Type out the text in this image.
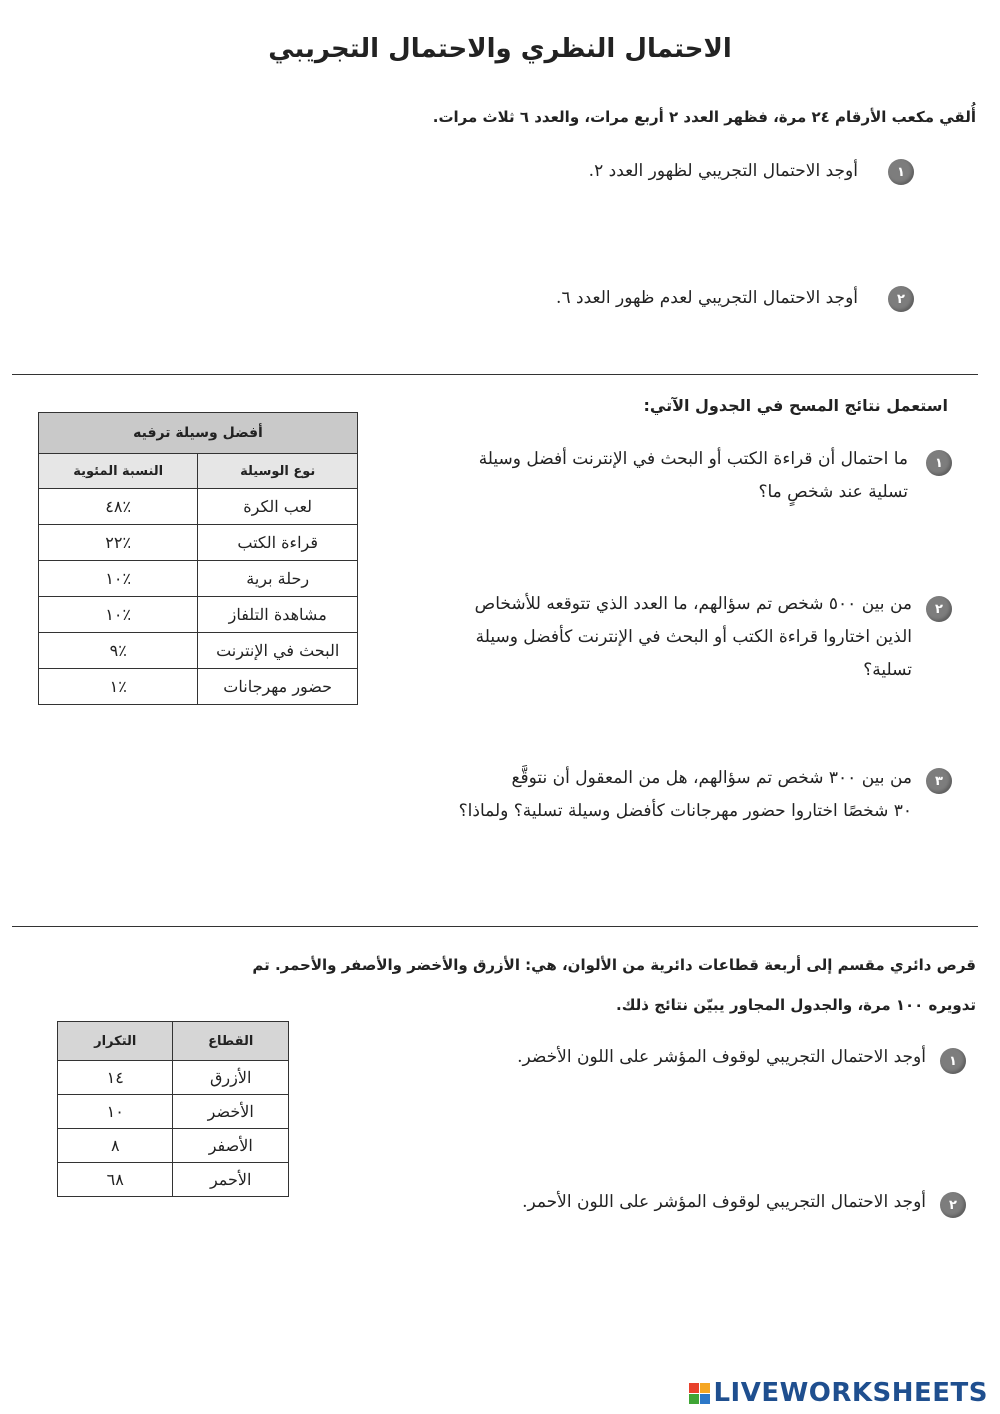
الاحتمال النظري والاحتمال التجريبي
أُلقي مكعب الأرقام ٢٤ مرة، فظهر العدد ٢ أربع مرات، والعدد ٦ ثلاث مرات.
أوجد الاحتمال التجريبي لظهور العدد ٢.	١
أوجد الاحتمال التجريبي لعدم ظهور العدد ٦.	٢
استعمل نتائج المسح في الجدول الآتي:
أفضل وسيلة ترفيه	
نوع الوسيلة	النسبة المئوية
لعب الكرة	٪٤٨
قراءة الكتب	٪٢٢
رحلة برية	٪١٠
مشاهدة التلفاز	٪١٠
البحث في الإنترنت	٪٩
حضور مهرجانات	٪١
١
ما احتمال أن قراءة الكتب أو البحث في الإنترنت أفضل وسيلة
تسلية عند شخصٍ ما؟
٢
من بين ٥٠٠ شخص تم سؤالهم، ما العدد الذي تتوقعه للأشخاص
الذين اختاروا قراءة الكتب أو البحث في الإنترنت كأفضل وسيلة
تسلية؟
٣
من بين ٣٠٠ شخص تم سؤالهم، هل من المعقول أن نتوقَّع
٣٠ شخصًا اختاروا حضور مهرجانات كأفضل وسيلة تسلية؟ ولماذا؟
قرص دائري مقسم إلى أربعة قطاعات دائرية من الألوان، هي: الأزرق والأخضر والأصفر والأحمر. تم
تدويره ١٠٠ مرة، والجدول المجاور يبيّن نتائج ذلك.
القطاع	التكرار
الأزرق	١٤
الأخضر	١٠
الأصفر	٨
الأحمر	٦٨
١
أوجد الاحتمال التجريبي لوقوف المؤشر على اللون الأخضر.
٢
أوجد الاحتمال التجريبي لوقوف المؤشر على اللون الأحمر.
LIVEWORKSHEETS
